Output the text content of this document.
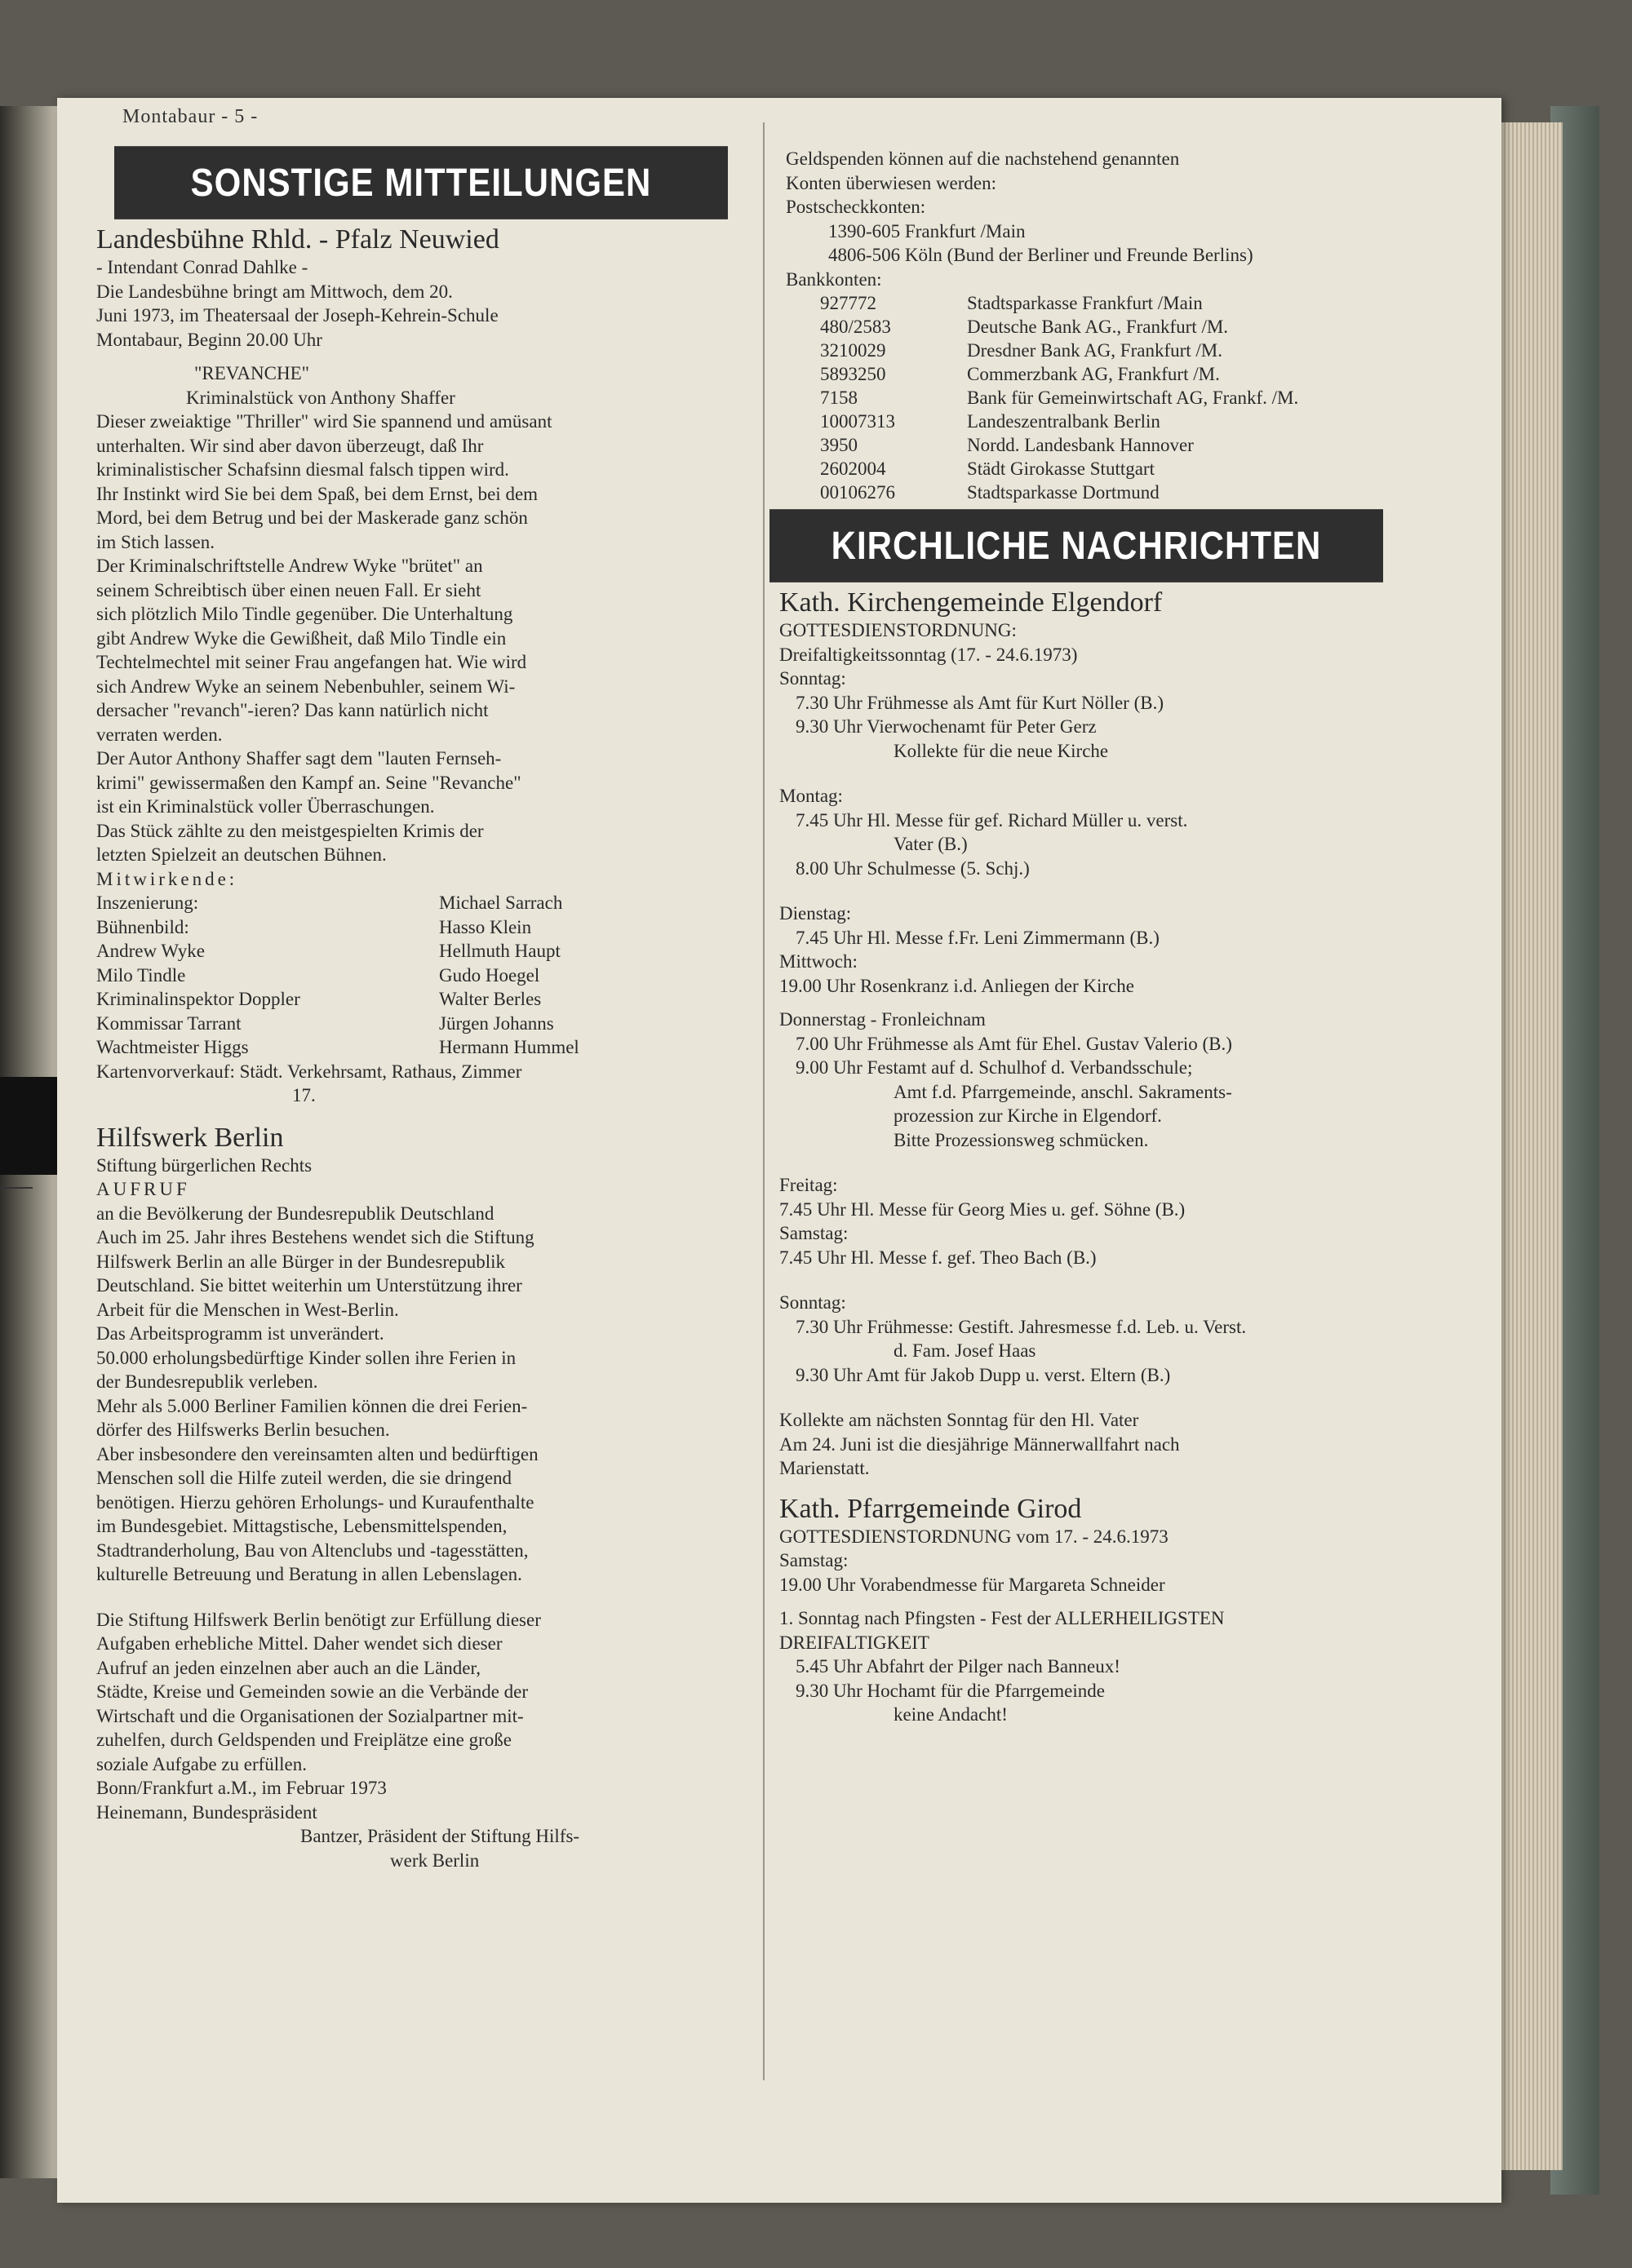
Montabaur - 5 -
SONSTIGE MITTEILUNGEN
Landesbühne Rhld. - Pfalz Neuwied
- Intendant Conrad Dahlke -
Die Landesbühne bringt am Mittwoch, dem 20.
Juni 1973, im Theatersaal der Joseph-Kehrein-Schule
Montabaur, Beginn 20.00 Uhr
"REVANCHE"
Kriminalstück von Anthony Shaffer
Dieser zweiaktige "Thriller" wird Sie spannend und amüsant
unterhalten. Wir sind aber davon überzeugt, daß Ihr
kriminalistischer Schafsinn diesmal falsch tippen wird.
Ihr Instinkt wird Sie bei dem Spaß, bei dem Ernst, bei dem
Mord, bei dem Betrug und bei der Maskerade ganz schön
im Stich lassen.
Der Kriminalschriftstelle Andrew Wyke "brütet" an
seinem Schreibtisch über einen neuen Fall. Er sieht
sich plötzlich Milo Tindle gegenüber. Die Unterhaltung
gibt Andrew Wyke die Gewißheit, daß Milo Tindle ein
Techtelmechtel mit seiner Frau angefangen hat. Wie wird
sich Andrew Wyke an seinem Nebenbuhler, seinem Wi-
dersacher "revanch"-ieren? Das kann natürlich nicht
verraten werden.
Der Autor Anthony Shaffer sagt dem "lauten Fernseh-
krimi" gewissermaßen den Kampf an. Seine "Revanche"
ist ein Kriminalstück voller Überraschungen.
Das Stück zählte zu den meistgespielten Krimis der
letzten Spielzeit an deutschen Bühnen.
Mitwirkende:
Inszenierung:	Michael Sarrach
Bühnenbild:	Hasso Klein
Andrew Wyke	Hellmuth Haupt
Milo Tindle	Gudo Hoegel
Kriminalinspektor Doppler	Walter Berles
Kommissar Tarrant	Jürgen Johanns
Wachtmeister Higgs	Hermann Hummel
Kartenvorverkauf: Städt. Verkehrsamt, Rathaus, Zimmer
17.
Hilfswerk Berlin
Stiftung bürgerlichen Rechts
AUFRUF
an die Bevölkerung der Bundesrepublik Deutschland
Auch im 25. Jahr ihres Bestehens wendet sich die Stiftung
Hilfswerk Berlin an alle Bürger in der Bundesrepublik
Deutschland. Sie bittet weiterhin um Unterstützung ihrer
Arbeit für die Menschen in West-Berlin.
Das Arbeitsprogramm ist unverändert.
50.000 erholungsbedürftige Kinder sollen ihre Ferien in
der Bundesrepublik verleben.
Mehr als 5.000 Berliner Familien können die drei Ferien-
dörfer des Hilfswerks Berlin besuchen.
Aber insbesondere den vereinsamten alten und bedürftigen
Menschen soll die Hilfe zuteil werden, die sie dringend
benötigen. Hierzu gehören Erholungs- und Kuraufenthalte
im Bundesgebiet. Mittagstische, Lebensmittelspenden,
Stadtranderholung, Bau von Altenclubs und -tagesstätten,
kulturelle Betreuung und Beratung in allen Lebenslagen.
Die Stiftung Hilfswerk Berlin benötigt zur Erfüllung dieser
Aufgaben erhebliche Mittel. Daher wendet sich dieser
Aufruf an jeden einzelnen aber auch an die Länder,
Städte, Kreise und Gemeinden sowie an die Verbände der
Wirtschaft und die Organisationen der Sozialpartner mit-
zuhelfen, durch Geldspenden und Freiplätze eine große
soziale Aufgabe zu erfüllen.
Bonn/Frankfurt a.M., im Februar 1973
Heinemann, Bundespräsident
Bantzer, Präsident der Stiftung Hilfs-
werk Berlin
Geldspenden können auf die nachstehend genannten
Konten überwiesen werden:
Postscheckkonten:
1390-605 Frankfurt /Main
4806-506 Köln (Bund der Berliner und Freunde Berlins)
Bankkonten:
927772	Stadtsparkasse Frankfurt /Main
480/2583	Deutsche Bank AG., Frankfurt /M.
3210029	Dresdner Bank AG, Frankfurt /M.
5893250	Commerzbank AG, Frankfurt /M.
7158	Bank für Gemeinwirtschaft AG, Frankf. /M.
10007313	Landeszentralbank Berlin
3950	Nordd. Landesbank Hannover
2602004	Städt Girokasse Stuttgart
00106276	Stadtsparkasse Dortmund
KIRCHLICHE NACHRICHTEN
Kath. Kirchengemeinde Elgendorf
GOTTESDIENSTORDNUNG:
Dreifaltigkeitssonntag (17. - 24.6.1973)
Sonntag:
7.30 Uhr Frühmesse als Amt für Kurt Nöller (B.)
9.30 Uhr Vierwochenamt für Peter Gerz
Kollekte für die neue Kirche
Montag:
7.45 Uhr Hl. Messe für gef. Richard Müller u. verst.
Vater (B.)
8.00 Uhr Schulmesse (5. Schj.)
Dienstag:
7.45 Uhr Hl. Messe f.Fr. Leni Zimmermann (B.)
Mittwoch:
19.00 Uhr Rosenkranz i.d. Anliegen der Kirche
Donnerstag - Fronleichnam
7.00 Uhr Frühmesse als Amt für Ehel. Gustav Valerio (B.)
9.00 Uhr Festamt auf d. Schulhof d. Verbandsschule;
Amt f.d. Pfarrgemeinde, anschl. Sakraments-
prozession zur Kirche in Elgendorf.
Bitte Prozessionsweg schmücken.
Freitag:
7.45 Uhr Hl. Messe für Georg Mies u. gef. Söhne (B.)
Samstag:
7.45 Uhr Hl. Messe f. gef. Theo Bach (B.)
Sonntag:
7.30 Uhr Frühmesse: Gestift. Jahresmesse f.d. Leb. u. Verst.
d. Fam. Josef Haas
9.30 Uhr Amt für Jakob Dupp u. verst. Eltern (B.)
Kollekte am nächsten Sonntag für den Hl. Vater
Am 24. Juni ist die diesjährige Männerwallfahrt nach
Marienstatt.
Kath. Pfarrgemeinde Girod
GOTTESDIENSTORDNUNG vom 17. - 24.6.1973
Samstag:
19.00 Uhr Vorabendmesse für Margareta Schneider
1. Sonntag nach Pfingsten - Fest der ALLERHEILIGSTEN
DREIFALTIGKEIT
5.45 Uhr Abfahrt der Pilger nach Banneux!
9.30 Uhr Hochamt für die Pfarrgemeinde
keine Andacht!
